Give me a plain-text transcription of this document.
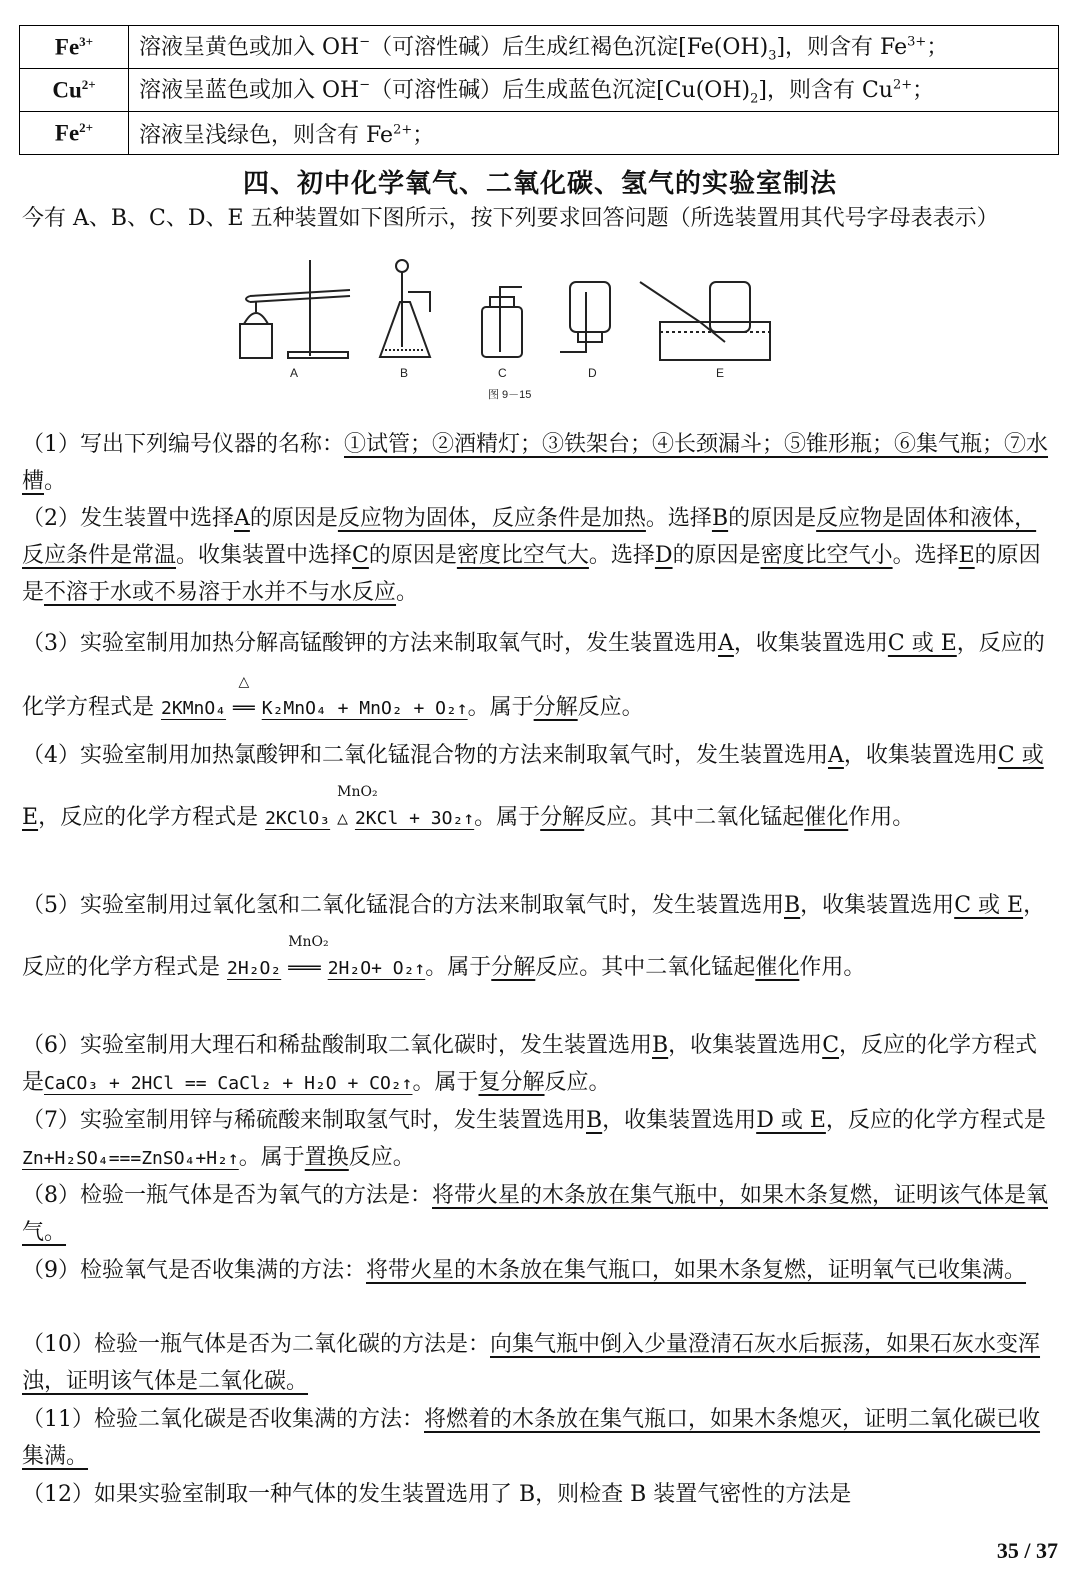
$Fe^{3+}$	溶液呈黄色或加入 OH−（可溶性碱）后生成红褐色沉淀$[Fe(OH)_3]$，则含有 $Fe^{3+}$；
$Cu^{2+}$	溶液呈蓝色或加入 OH−（可溶性碱）后生成蓝色沉淀$[Cu(OH)_2]$，则含有 $Cu^{2+}$；
$Fe^{2+}$	溶液呈浅绿色，则含有 $Fe^{2+}$；
四、初中化学氧气、二氧化碳、氢气的实验室制法
今有 A、B、C、D、E 五种装置如下图所示，按下列要求回答问题（所选装置用其代号字母表表示）
A	B	C	D	E
图 9－15
（1）写出下列编号仪器的名称：①试管；②酒精灯；③铁架台；④长颈漏斗；⑤锥形瓶；⑥集气瓶；⑦水槽。
（2）发生装置中选择A的原因是反应物为固体，反应条件是加热。选择B的原因是反应物是固体和液体，反应条件是常温。收集装置中选择C的原因是密度比空气大。选择D的原因是密度比空气小。选择E的原因是不溶于水或不易溶于水并不与水反应。
（3）实验室制用加热分解高锰酸钾的方法来制取氧气时，发生装置选用A，收集装置选用C 或 E，反应的化学方程式是 2KMnO₄
△
══ K₂MnO₄ + MnO₂ + O₂↑。属于分解反应。
（4）实验室制用加热氯酸钾和二氧化锰混合物的方法来制取氧气时，发生装置选用A，收集装置选用C 或 E，反应的化学方程式是 2KClO₃
MnO₂
△ 2KCl + 3O₂↑。属于分解反应。其中二氧化锰起催化作用。
（5）实验室制用过氧化氢和二氧化锰混合的方法来制取氧气时，发生装置选用B，收集装置选用C 或 E，反应的化学方程式是 2H₂O₂
MnO₂
═══ 2H₂O+ O₂↑。属于分解反应。其中二氧化锰起催化作用。
（6）实验室制用大理石和稀盐酸制取二氧化碳时，发生装置选用B，收集装置选用C，反应的化学方程式是CaCO₃ + 2HCl == CaCl₂ + H₂O + CO₂↑。属于复分解反应。
（7）实验室制用锌与稀硫酸来制取氢气时，发生装置选用B，收集装置选用D 或 E，反应的化学方程式是Zn+H₂SO₄===ZnSO₄+H₂↑。属于置换反应。
（8）检验一瓶气体是否为氧气的方法是：将带火星的木条放在集气瓶中，如果木条复燃，证明该气体是氧气。
（9）检验氧气是否收集满的方法：将带火星的木条放在集气瓶口，如果木条复燃，证明氧气已收集满。
（10）检验一瓶气体是否为二氧化碳的方法是：向集气瓶中倒入少量澄清石灰水后振荡，如果石灰水变浑浊，证明该气体是二氧化碳。
（11）检验二氧化碳是否收集满的方法：将燃着的木条放在集气瓶口，如果木条熄灭，证明二氧化碳已收集满。
（12）如果实验室制取一种气体的发生装置选用了 B，则检查 B 装置气密性的方法是
35 / 37
